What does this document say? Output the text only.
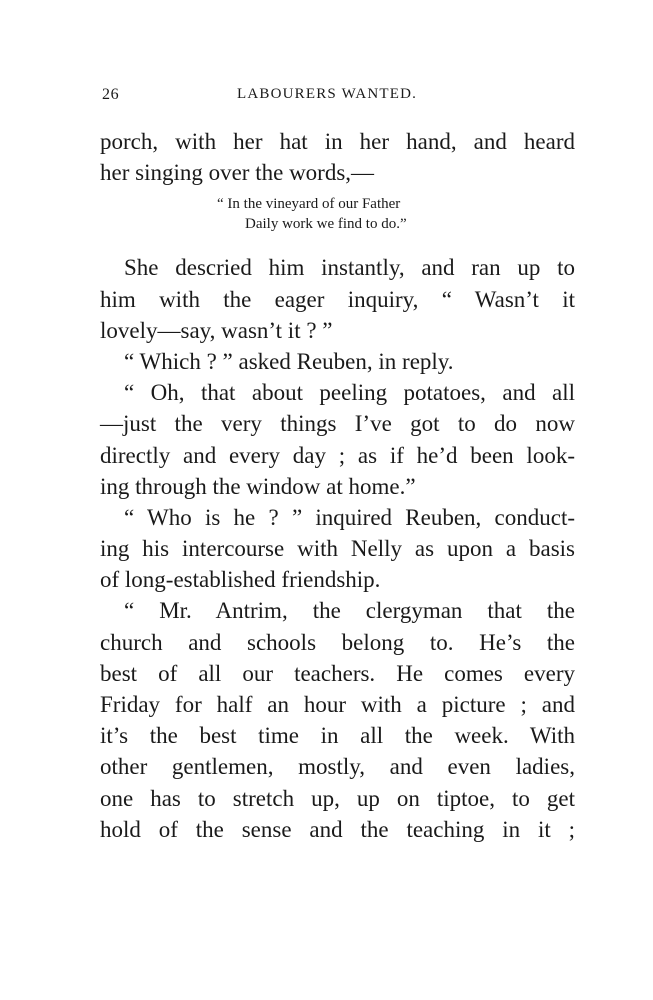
26	LABOURERS WANTED.
porch, with her hat in her hand, and heard
her singing over the words,—
“ In the vineyard of our Father
Daily work we find to do.”
She descried him instantly, and ran up to
him with the eager inquiry, “ Wasn’t it
lovely—say, wasn’t it ? ”
“ Which ? ” asked Reuben, in reply.
“ Oh, that about peeling potatoes, and all
—just the very things I’ve got to do now
directly and every day ; as if he’d been look-
ing through the window at home.”
“ Who is he ? ” inquired Reuben, conduct-
ing his intercourse with Nelly as upon a basis
of long-established friendship.
“ Mr. Antrim, the clergyman that the
church and schools belong to. He’s the
best of all our teachers. He comes every
Friday for half an hour with a picture ; and
it’s the best time in all the week. With
other gentlemen, mostly, and even ladies,
one has to stretch up, up on tiptoe, to get
hold of the sense and the teaching in it ;
